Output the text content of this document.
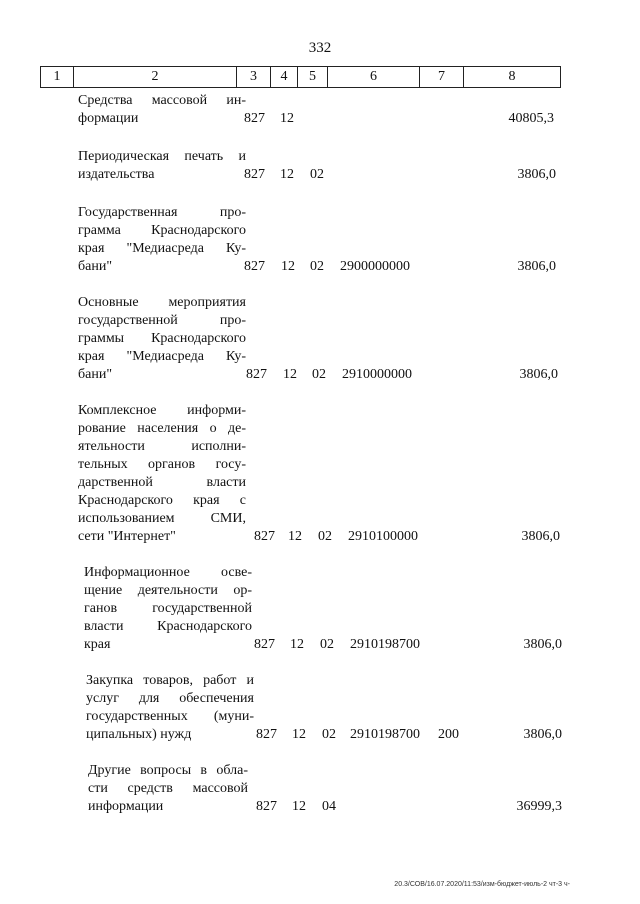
332
1	2	3	4	5	6	7	8
Средства массовой ин-
формации	827 12	40805,3
Периодическая печать и
издательства	827 12 02	3806,0
Государственная про-
грамма Краснодарского
края "Медиасреда Ку-
бани"	827 12 02 2900000000	3806,0
Основные мероприятия
государственной про-
граммы Краснодарского
края "Медиасреда Ку-
бани"	827 12 02 2910000000	3806,0
Комплексное информи-
рование населения о де-
ятельности исполни-
тельных органов госу-
дарственной власти
Краснодарского края с
использованием СМИ,
сети "Интернет"	827 12 02 2910100000	3806,0
Информационное осве-
щение деятельности ор-
ганов государственной
власти Краснодарского
края	827 12 02 2910198700	3806,0
Закупка товаров, работ и
услуг для обеспечения
государственных (муни-
ципальных) нужд	827 12 02 2910198700 200	3806,0
Другие вопросы в обла-
сти средств массовой
информации	827 12 04	36999,3
20.3/СОВ/16.07.2020/11:53/изм-бюджет-июль-2 чт-3 ч-
